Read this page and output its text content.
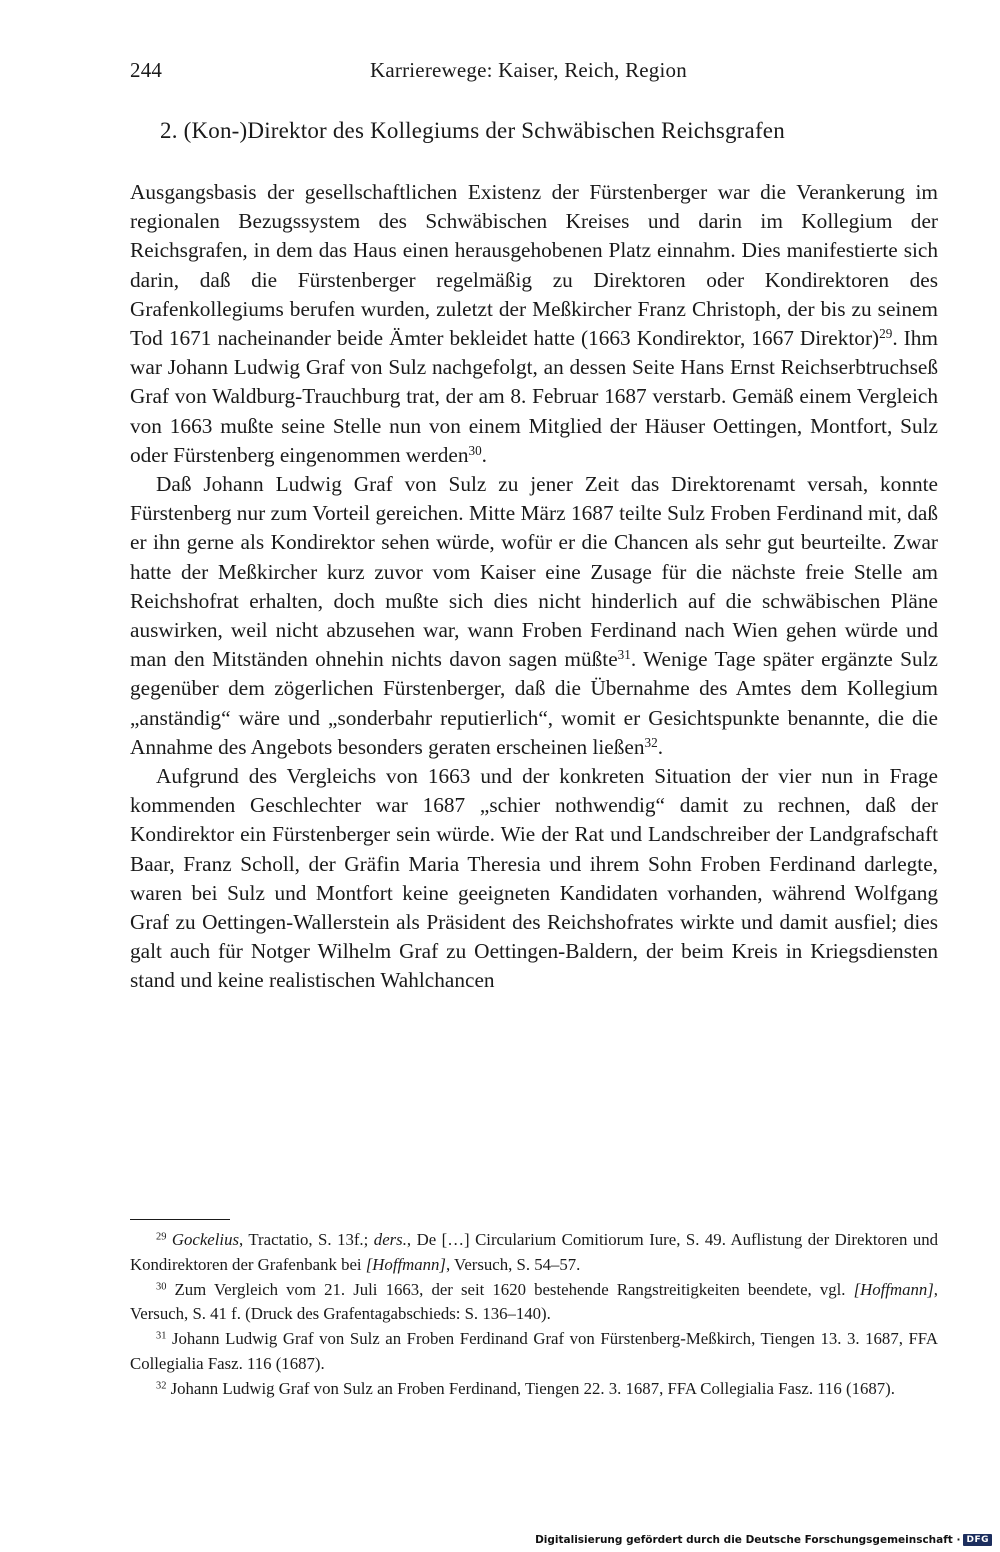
244	Karrierewege: Kaiser, Reich, Region
2. (Kon-)Direktor des Kollegiums der Schwäbischen Reichsgrafen

Ausgangsbasis der gesellschaftlichen Existenz der Fürstenberger war die Verankerung im regionalen Bezugssystem des Schwäbischen Kreises und darin im Kollegium der Reichsgrafen, in dem das Haus einen herausgehobenen Platz einnahm. Dies manifestierte sich darin, daß die Fürstenberger regelmäßig zu Direktoren oder Kondirektoren des Grafenkollegiums berufen wurden, zuletzt der Meßkircher Franz Christoph, der bis zu seinem Tod 1671 nacheinander beide Ämter bekleidet hatte (1663 Kondirektor, 1667 Direktor)$^{29}$. Ihm war Johann Ludwig Graf von Sulz nachgefolgt, an dessen Seite Hans Ernst Reichserbtruchseß Graf von Waldburg-Trauchburg trat, der am 8. Februar 1687 verstarb. Gemäß einem Vergleich von 1663 mußte seine Stelle nun von einem Mitglied der Häuser Oettingen, Montfort, Sulz oder Fürstenberg eingenommen werden$^{30}$.

Daß Johann Ludwig Graf von Sulz zu jener Zeit das Direktorenamt versah, konnte Fürstenberg nur zum Vorteil gereichen. Mitte März 1687 teilte Sulz Froben Ferdinand mit, daß er ihn gerne als Kondirektor sehen würde, wofür er die Chancen als sehr gut beurteilte. Zwar hatte der Meßkircher kurz zuvor vom Kaiser eine Zusage für die nächste freie Stelle am Reichshofrat erhalten, doch mußte sich dies nicht hinderlich auf die schwäbischen Pläne auswirken, weil nicht abzusehen war, wann Froben Ferdinand nach Wien gehen würde und man den Mitständen ohnehin nichts davon sagen müßte$^{31}$. Wenige Tage später ergänzte Sulz gegenüber dem zögerlichen Fürstenberger, daß die Übernahme des Amtes dem Kollegium „anständig“ wäre und „sonderbahr reputierlich“, womit er Gesichtspunkte benannte, die die Annahme des Angebots besonders geraten erscheinen ließen$^{32}$.

Aufgrund des Vergleichs von 1663 und der konkreten Situation der vier nun in Frage kommenden Geschlechter war 1687 „schier nothwendig“ damit zu rechnen, daß der Kondirektor ein Fürstenberger sein würde. Wie der Rat und Landschreiber der Landgrafschaft Baar, Franz Scholl, der Gräfin Maria Theresia und ihrem Sohn Froben Ferdinand darlegte, waren bei Sulz und Montfort keine geeigneten Kandidaten vorhanden, während Wolfgang Graf zu Oettingen-Wallerstein als Präsident des Reichshofrates wirkte und damit ausfiel; dies galt auch für Notger Wilhelm Graf zu Oettingen-Baldern, der beim Kreis in Kriegsdiensten stand und keine realistischen Wahlchancen

$^{29}$ Gockelius, Tractatio, S. 13f.; ders., De […] Circularium Comitiorum Iure, S. 49. Auflistung der Direktoren und Kondirektoren der Grafenbank bei [Hoffmann], Versuch, S. 54–57.

$^{30}$ Zum Vergleich vom 21. Juli 1663, der seit 1620 bestehende Rangstreitigkeiten beendete, vgl. [Hoffmann], Versuch, S. 41 f. (Druck des Grafentagabschieds: S. 136–140).

$^{31}$ Johann Ludwig Graf von Sulz an Froben Ferdinand Graf von Fürstenberg-Meßkirch, Tiengen 13. 3. 1687, FFA Collegialia Fasz. 116 (1687).

$^{32}$ Johann Ludwig Graf von Sulz an Froben Ferdinand, Tiengen 22. 3. 1687, FFA Collegialia Fasz. 116 (1687).

Digitalisierung gefördert durch die Deutsche Forschungsgemeinschaft · DFG
